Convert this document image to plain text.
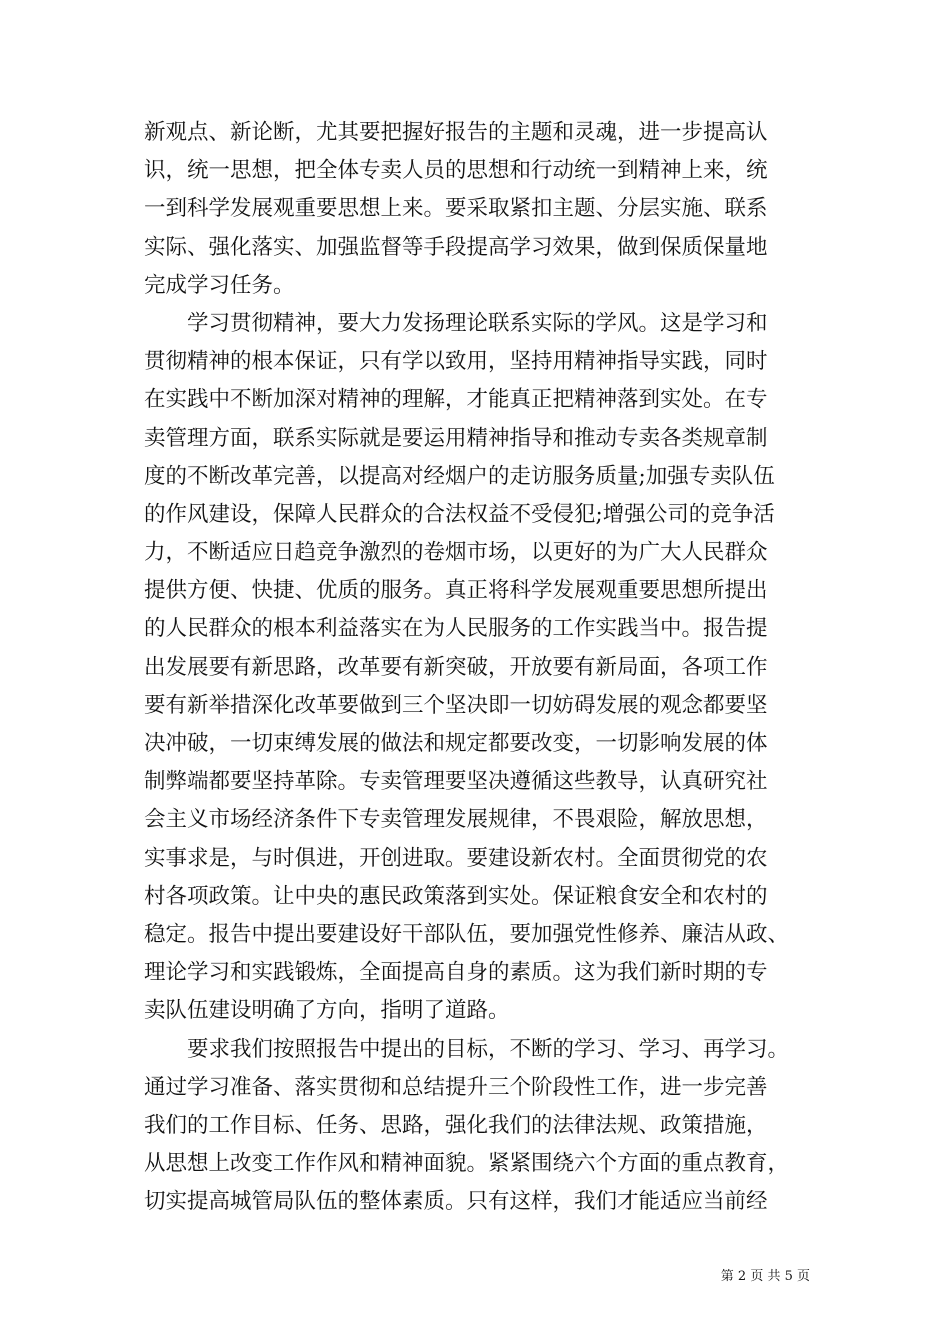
新观点、新论断，尤其要把握好报告的主题和灵魂，进一步提高认
识，统一思想，把全体专卖人员的思想和行动统一到精神上来，统
一到科学发展观重要思想上来。要采取紧扣主题、分层实施、联系
实际、强化落实、加强监督等手段提高学习效果，做到保质保量地
完成学习任务。

学习贯彻精神，要大力发扬理论联系实际的学风。这是学习和
贯彻精神的根本保证，只有学以致用，坚持用精神指导实践，同时
在实践中不断加深对精神的理解，才能真正把精神落到实处。在专
卖管理方面，联系实际就是要运用精神指导和推动专卖各类规章制
度的不断改革完善，以提高对经烟户的走访服务质量;加强专卖队伍
的作风建设，保障人民群众的合法权益不受侵犯;增强公司的竞争活
力，不断适应日趋竞争激烈的卷烟市场，以更好的为广大人民群众
提供方便、快捷、优质的服务。真正将科学发展观重要思想所提出
的人民群众的根本利益落实在为人民服务的工作实践当中。报告提
出发展要有新思路，改革要有新突破，开放要有新局面，各项工作
要有新举措深化改革要做到三个坚决即一切妨碍发展的观念都要坚
决冲破，一切束缚发展的做法和规定都要改变，一切影响发展的体
制弊端都要坚持革除。专卖管理要坚决遵循这些教导，认真研究社
会主义市场经济条件下专卖管理发展规律，不畏艰险，解放思想，
实事求是，与时俱进，开创进取。要建设新农村。全面贯彻党的农
村各项政策。让中央的惠民政策落到实处。保证粮食安全和农村的
稳定。报告中提出要建设好干部队伍，要加强党性修养、廉洁从政、
理论学习和实践锻炼，全面提高自身的素质。这为我们新时期的专
卖队伍建设明确了方向，指明了道路。

要求我们按照报告中提出的目标，不断的学习、学习、再学习。
通过学习准备、落实贯彻和总结提升三个阶段性工作，进一步完善
我们的工作目标、任务、思路，强化我们的法律法规、政策措施，
从思想上改变工作作风和精神面貌。紧紧围绕六个方面的重点教育，
切实提高城管局队伍的整体素质。只有这样，我们才能适应当前经

第 2 页 共 5 页
